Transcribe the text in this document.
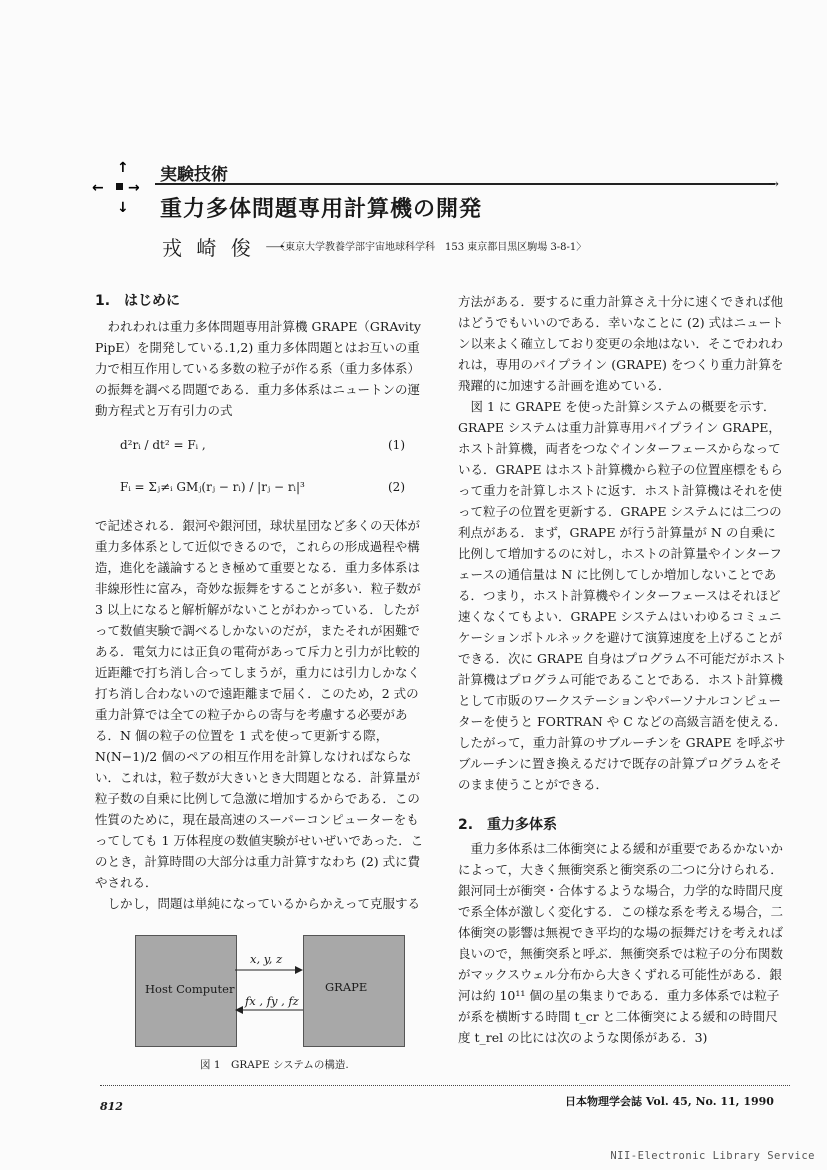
↑
← →
↓
実験技術	→
重力多体問題専用計算機の開発
戎 崎 俊 一
〈東京大学教養学部宇宙地球科学科　153 東京都目黒区駒場 3-8-1〉
1.　はじめに

われわれは重力多体問題専用計算機 GRAPE（GRAvity PipE）を開発している.1,2) 重力多体問題とはお互いの重力で相互作用している多数の粒子が作る系（重力多体系）の振舞を調べる問題である．重力多体系はニュートンの運動方程式と万有引力の式

d²rᵢ / dt² = Fᵢ ,	(1)
Fᵢ = Σⱼ≠ᵢ GMⱼ(rⱼ − rᵢ) / |rⱼ − rᵢ|³	(2)

で記述される．銀河や銀河団，球状星団など多くの天体が重力多体系として近似できるので，これらの形成過程や構造，進化を議論するとき極めて重要となる．重力多体系は非線形性に富み，奇妙な振舞をすることが多い．粒子数が 3 以上になると解析解がないことがわかっている．したがって数値実験で調べるしかないのだが，またそれが困難である．電気力には正負の電荷があって斥力と引力が比較的近距離で打ち消し合ってしまうが，重力には引力しかなく打ち消し合わないので遠距離まで届く．このため，2 式の重力計算では全ての粒子からの寄与を考慮する必要がある．N 個の粒子の位置を 1 式を使って更新する際，N(N−1)/2 個のペアの相互作用を計算しなければならない．これは，粒子数が大きいとき大問題となる．計算量が粒子数の自乗に比例して急激に増加するからである．この性質のために，現在最高速のスーパーコンピューターをもってしても 1 万体程度の数値実験がせいぜいであった．このとき，計算時間の大部分は重力計算すなわち (2) 式に費やされる．

しかし，問題は単純になっているからかえって克服する

Host Computer	GRAPE
x, y, z
fx , fy , fz
図 1　GRAPE システムの構造.

方法がある．要するに重力計算さえ十分に速くできれば他はどうでもいいのである．幸いなことに (2) 式はニュートン以来よく確立しており変更の余地はない．そこでわれわれは，専用のパイプライン (GRAPE) をつくり重力計算を飛躍的に加速する計画を進めている．

図 1 に GRAPE を使った計算システムの概要を示す．GRAPE システムは重力計算専用パイプライン GRAPE，ホスト計算機，両者をつなぐインターフェースからなっている．GRAPE はホスト計算機から粒子の位置座標をもらって重力を計算しホストに返す．ホスト計算機はそれを使って粒子の位置を更新する．GRAPE システムには二つの利点がある．まず，GRAPE が行う計算量が N の自乗に比例して増加するのに対し，ホストの計算量やインターフェースの通信量は N に比例してしか増加しないことである．つまり，ホスト計算機やインターフェースはそれほど速くなくてもよい．GRAPE システムはいわゆるコミュニケーションボトルネックを避けて演算速度を上げることができる．次に GRAPE 自身はプログラム不可能だがホスト計算機はプログラム可能であることである．ホスト計算機として市販のワークステーションやパーソナルコンピューターを使うと FORTRAN や C などの高級言語を使える．したがって，重力計算のサブルーチンを GRAPE を呼ぶサブルーチンに置き換えるだけで既存の計算プログラムをそのまま使うことができる．

2.　重力多体系

重力多体系は二体衝突による緩和が重要であるかないかによって，大きく無衝突系と衝突系の二つに分けられる．銀河同士が衝突・合体するような場合，力学的な時間尺度で系全体が激しく変化する．この様な系を考える場合，二体衝突の影響は無視でき平均的な場の振舞だけを考えれば良いので，無衝突系と呼ぶ．無衝突系では粒子の分布関数がマックスウェル分布から大きくずれる可能性がある．銀河は約 10¹¹ 個の星の集まりである．重力多体系では粒子が系を横断する時間 t_cr と二体衝突による緩和の時間尺度 t_rel の比には次のような関係がある．3)

812	日本物理学会誌 Vol. 45, No. 11, 1990
NII-Electronic Library Service
